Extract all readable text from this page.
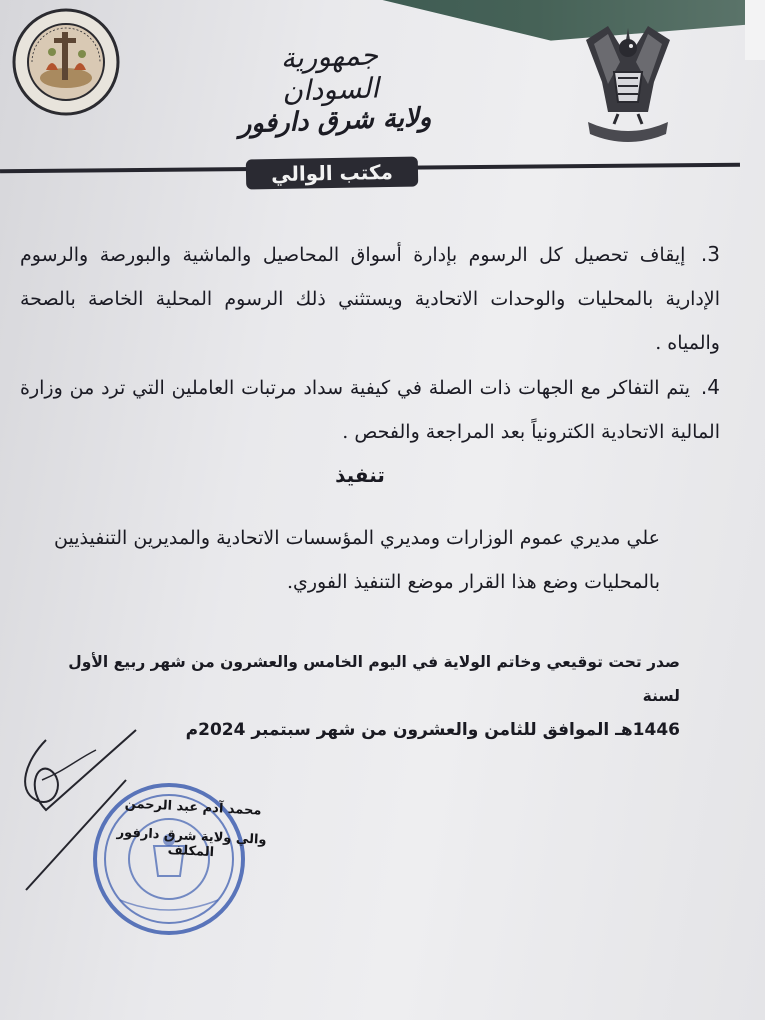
جمهورية السودان
ولاية شرق دارفور
مكتب الوالي

3. إيقاف تحصيل كل الرسوم بإدارة أسواق المحاصيل والماشية والبورصة والرسوم الإدارية بالمحليات والوحدات الاتحادية ويستثني ذلك الرسوم المحلية الخاصة بالصحة والمياه .

4. يتم التفاكر مع الجهات ذات الصلة في كيفية سداد مرتبات العاملين التي ترد من وزارة المالية الاتحادية الكترونياً بعد المراجعة والفحص .

تنفيذ
علي مديري عموم الوزارات ومديري المؤسسات الاتحادية والمديرين التنفيذيين بالمحليات وضع هذا القرار موضع التنفيذ الفوري.
صدر تحت توقيعي وخاتم الولاية في اليوم الخامس والعشرون من شهر ربيع الأول لسنة
1446هـ الموافق للثامن والعشرون من شهر سبتمبر 2024م
محمد آدم عبد الرحمن
والي ولاية شرق دارفور المكلف
